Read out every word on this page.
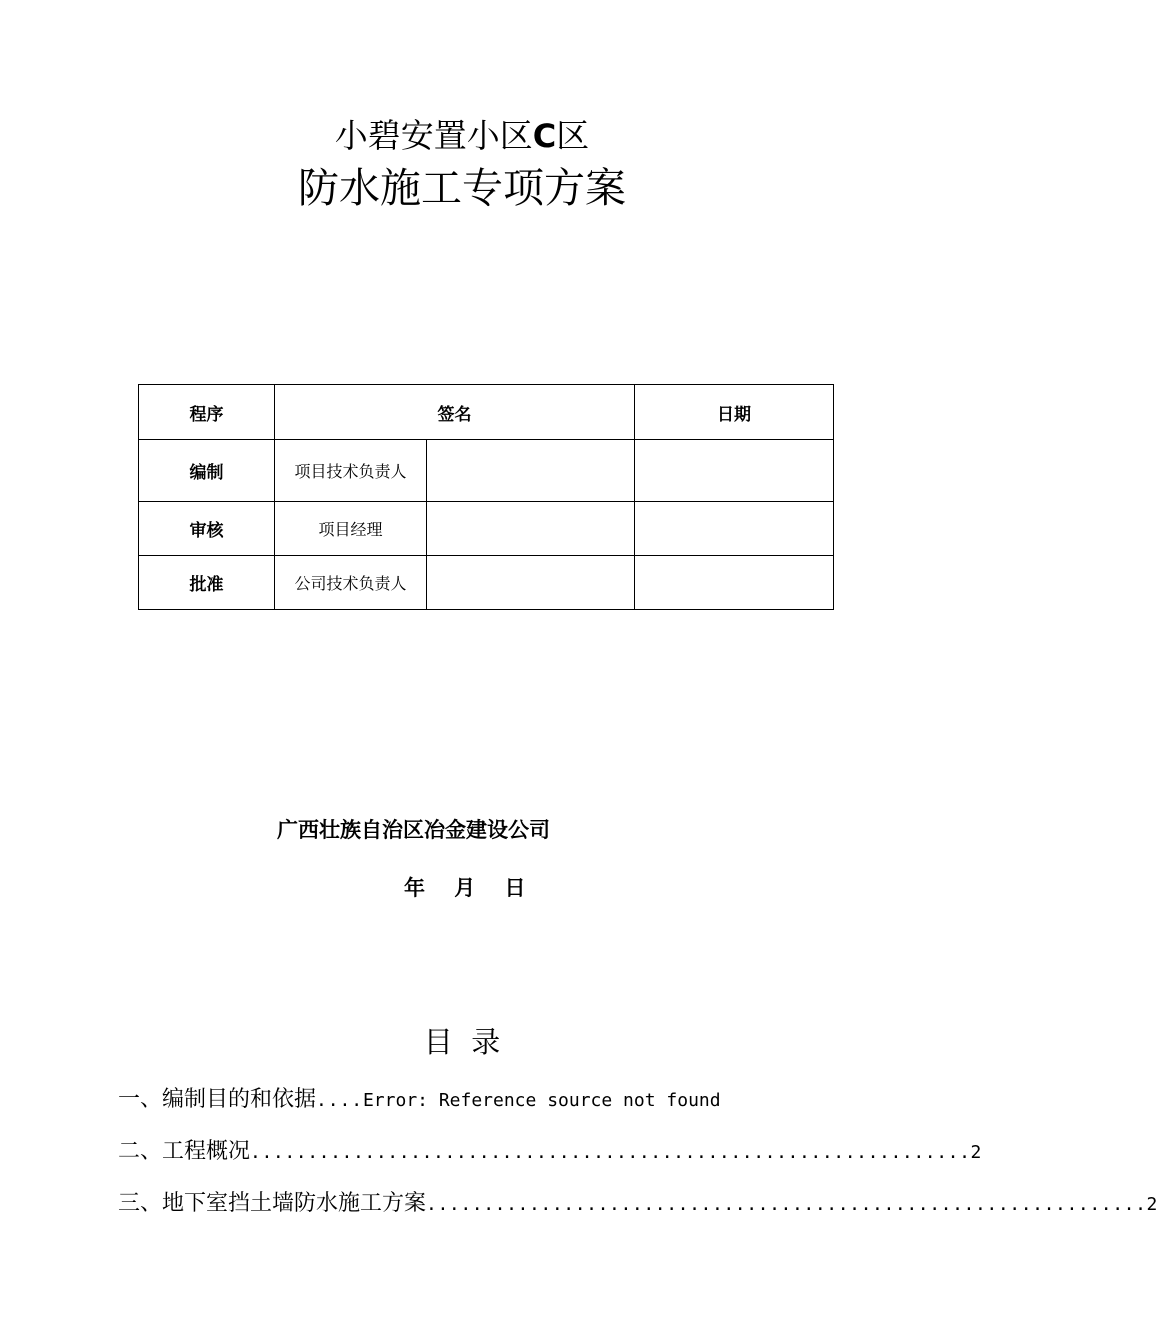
小碧安置小区C区
防水施工专项方案
程序	签名		日期
编制	项目技术负责人		
审核	项目经理		
批准	公司技术负责人		
广西壮族自治区冶金建设公司
年    月    日
目  录
一、编制目的和依据 .... Error: Reference source not found
二、工程概况 ............................................................... 2
三、地下室挡土墙防水施工方案 ............................................................... 2
